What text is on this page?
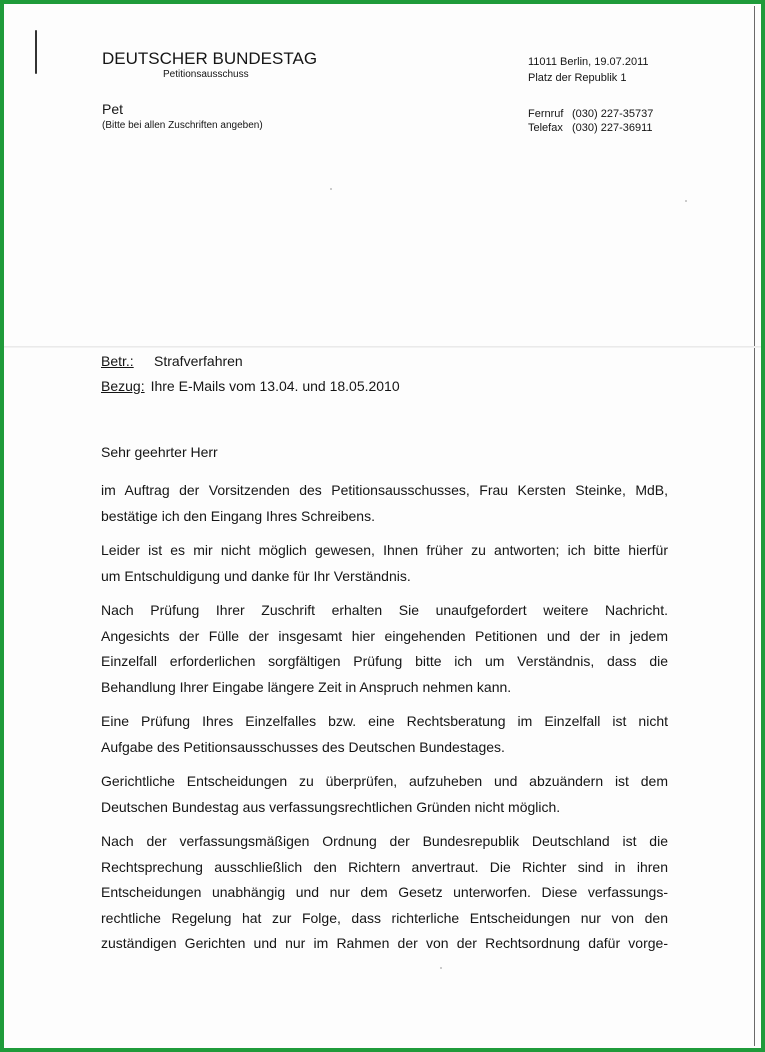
DEUTSCHER BUNDESTAG
Petitionsausschuss
11011 Berlin, 19.07.2011
Platz der Republik 1
Pet
(Bitte bei allen Zuschriften angeben)
Fernruf (030) 227-35737
Telefax (030) 227-36911
Betr.: Strafverfahren
Bezug: Ihre E-Mails vom 13.04. und 18.05.2010
Sehr geehrter Herr

im Auftrag der Vorsitzenden des Petitionsausschusses, Frau Kersten Steinke, MdB,
bestätige ich den Eingang Ihres Schreibens.

Leider ist es mir nicht möglich gewesen, Ihnen früher zu antworten; ich bitte hierfür
um Entschuldigung und danke für Ihr Verständnis.

Nach Prüfung Ihrer Zuschrift erhalten Sie unaufgefordert weitere Nachricht.
Angesichts der Fülle der insgesamt hier eingehenden Petitionen und der in jedem
Einzelfall erforderlichen sorgfältigen Prüfung bitte ich um Verständnis, dass die
Behandlung Ihrer Eingabe längere Zeit in Anspruch nehmen kann.

Eine Prüfung Ihres Einzelfalles bzw. eine Rechtsberatung im Einzelfall ist nicht
Aufgabe des Petitionsausschusses des Deutschen Bundestages.

Gerichtliche Entscheidungen zu überprüfen, aufzuheben und abzuändern ist dem
Deutschen Bundestag aus verfassungsrechtlichen Gründen nicht möglich.

Nach der verfassungsmäßigen Ordnung der Bundesrepublik Deutschland ist die
Rechtsprechung ausschließlich den Richtern anvertraut. Die Richter sind in ihren
Entscheidungen unabhängig und nur dem Gesetz unterworfen. Diese verfassungs-
rechtliche Regelung hat zur Folge, dass richterliche Entscheidungen nur von den
zuständigen Gerichten und nur im Rahmen der von der Rechtsordnung dafür vorge-
